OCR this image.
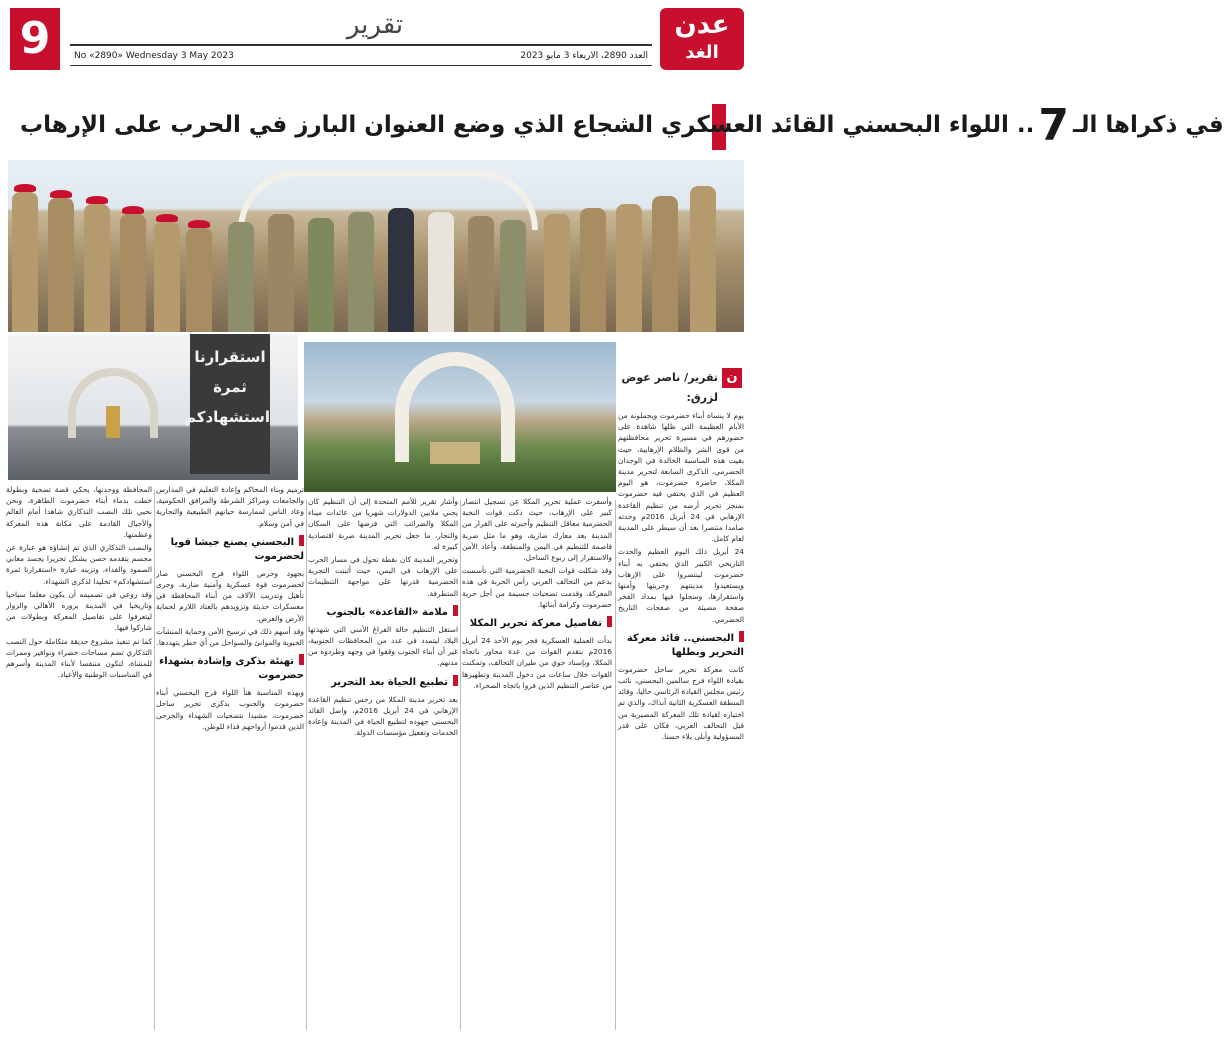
9	تقرير
No «2890» Wednesday 3 May 2023	العدد 2890، الاربعاء 3 مايو 2023
عدن
الغد
في ذكراها الـ
7
.. اللواء البحسني القائد العسكري الشجاع الذي وضع العنوان البارز في الحرب على الإرهاب
استقرارنا ثمرة استشهادكم
ن
تقرير/ ناصر عوض لزرق:

يوم لا ينساه أبناء حضرموت ويحملونه من الأيام العظيمة التي ظلها شاهدة على حضورهم في مسيرة تحرير محافظتهم من قوى الشر والظلام الإرهابية، حيث بقيت هذه المناسبة الخالدة في الوجدان الحضرمي، الذكرى السابعة لتحرير مدينة المكلا، حاضرة حضرموت، هو اليوم العظيم في الذي يحتفي فيه حضرموت بمنجز تحرير أرضه من تنظيم القاعدة الإرهابي في 24 أبريل 2016م وحدته صامدا منتصرا بعد أن سيطر على المدينة لعام كامل.

24 أبريل ذلك اليوم العظيم والحدث التاريخي الكبير الذي يحتفي به أبناء حضرموت لينتصروا على الإرهاب ويستعيدوا مدينتهم وحريتها وأمنها واستقرارها، وسجلوا فيها بمداد الفخر صفحة مضيئة من صفحات التاريخ الحضرمي.

البحسني.. قائد معركة التحرير وبطلها

كانت معركة تحرير ساحل حضرموت بقيادة اللواء فرج سالمين البحسني، نائب رئيس مجلس القيادة الرئاسي حاليا، وقائد المنطقة العسكرية الثانية آنذاك، والذي تم اختياره لقيادة تلك المعركة المصيرية من قبل التحالف العربي، فكان على قدر المسؤولية وأبلى بلاء حسنا.

وأسفرت عملية تحرير المكلا عن تسجيل انتصار كبير على الإرهاب، حيث دكت قوات النخبة الحضرمية معاقل التنظيم وأجبرته على الفرار من المدينة بعد معارك ضارية، وهو ما مثل ضربة قاصمة للتنظيم في اليمن والمنطقة، وأعاد الأمن والاستقرار إلى ربوع الساحل.

وقد شكلت قوات النخبة الحضرمية التي تأسست بدعم من التحالف العربي رأس الحربة في هذه المعركة، وقدمت تضحيات جسيمة من أجل حرية حضرموت وكرامة أبنائها.

تفاصيل معركة تحرير المكلا

بدأت العملية العسكرية فجر يوم الأحد 24 أبريل 2016م بتقدم القوات من عدة محاور باتجاه المكلا، وبإسناد جوي من طيران التحالف، وتمكنت القوات خلال ساعات من دخول المدينة وتطهيرها من عناصر التنظيم الذين فروا باتجاه الصحراء.

وأشار تقرير للأمم المتحدة إلى أن التنظيم كان يجني ملايين الدولارات شهريا من عائدات ميناء المكلا والضرائب التي فرضها على السكان والتجار، ما جعل تحرير المدينة ضربة اقتصادية كبيرة له.

وتحرير المدينة كان نقطة تحول في مسار الحرب على الإرهاب في اليمن، حيث أثبتت التجربة الحضرمية قدرتها على مواجهة التنظيمات المتطرفة.

ملامة «القاعدة» بالجنوب

استغل التنظيم حالة الفراغ الأمني التي شهدتها البلاد ليتمدد في عدد من المحافظات الجنوبية، غير أن أبناء الجنوب وقفوا في وجهه وطردوه من مدنهم.

تطبيع الحياة بعد التحرير

بعد تحرير مدينة المكلا من رجس تنظيم القاعدة الإرهابي في 24 أبريل 2016م، واصل القائد البحسني جهوده لتطبيع الحياة في المدينة وإعادة الخدمات وتفعيل مؤسسات الدولة.

ترميم وبناء المحاكم وإعادة التعليم في المدارس والجامعات ومراكز الشرطة والمرافق الحكومية، وعاد الناس لممارسة حياتهم الطبيعية والتجارية في أمن وسلام.

البحسني يصنع جيشا قويا لحضرموت

بجهود وحرص اللواء فرج البحسني صار لحضرموت قوة عسكرية وأمنية ضاربة، وجرى تأهيل وتدريب الآلاف من أبناء المحافظة في معسكرات حديثة وتزويدهم بالعتاد اللازم لحماية الأرض والعرض.

وقد أسهم ذلك في ترسيخ الأمن وحماية المنشآت الحيوية والموانئ والسواحل من أي خطر يتهددها.

تهنئة بذكرى وإشادة بشهداء حضرموت

وبهذه المناسبة هنأ اللواء فرج البحسني أبناء حضرموت والجنوب بذكرى تحرير ساحل حضرموت، مشيدا بتضحيات الشهداء والجرحى الذين قدموا أرواحهم فداء للوطن.

المحافظة ووحدتها، يحكي قصة تضحية وبطولة خطت بدماء أبناء حضرموت الطاهرة، ونحن نحيي تلك النصب التذكاري شاهدا أمام العالم والأجيال القادمة على مكانة هذه المعركة وعظمتها.

والنصب التذكاري الذي تم إنشاؤه هو عبارة عن مجسم يتقدمه حصن يشكل تحريرا يجسد معاني الصمود والفداء، وتزينه عبارة «استقرارنا ثمرة استشهادكم» تخليدا لذكرى الشهداء.

وقد روعي في تصميمه أن يكون معلما سياحيا وتاريخيا في المدينة يزوره الأهالي والزوار ليتعرفوا على تفاصيل المعركة وبطولات من شاركوا فيها.

كما تم تنفيذ مشروع حديقة متكاملة حول النصب التذكاري تضم مساحات خضراء ونوافير وممرات للمشاة، لتكون متنفسا لأبناء المدينة وأسرهم في المناسبات الوطنية والأعياد.
